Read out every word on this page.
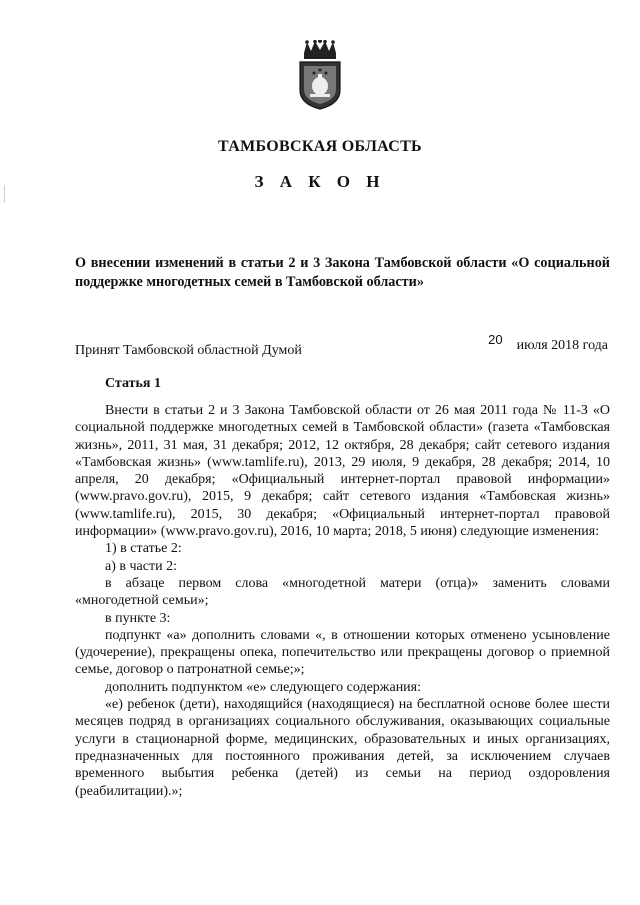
ТАМБОВСКАЯ ОБЛАСТЬ
З А К О Н
О внесении изменений в статьи 2 и 3 Закона Тамбовской области «О социальной поддержке многодетных семей в Тамбовской области»
Принят Тамбовской областной Думой
20 июля 2018 года
Статья 1

Внести в статьи 2 и 3 Закона Тамбовской области от 26 мая 2011 года № 11-З «О социальной поддержке многодетных семей в Тамбовской области» (газета «Тамбовская жизнь», 2011, 31 мая, 31 декабря; 2012, 12 октября, 28 декабря; сайт сетевого издания «Тамбовская жизнь» (www.tamlife.ru), 2013, 29 июля, 9 декабря, 28 декабря; 2014, 10 апреля, 20 декабря; «Официальный интернет-портал правовой информации» (www.pravo.gov.ru), 2015, 9 декабря; сайт сетевого издания «Тамбовская жизнь» (www.tamlife.ru), 2015, 30 декабря; «Официальный интернет-портал правовой информации» (www.pravo.gov.ru), 2016, 10 марта; 2018, 5 июня) следующие изменения:

1) в статье 2:

а) в части 2:

в абзаце первом слова «многодетной матери (отца)» заменить словами «многодетной семьи»;

в пункте 3:

подпункт «а» дополнить словами «, в отношении которых отменено усыновление (удочерение), прекращены опека, попечительство или прекращены договор о приемной семье, договор о патронатной семье;»;

дополнить подпунктом «е» следующего содержания:

«е) ребенок (дети), находящийся (находящиеся) на бесплатной основе более шести месяцев подряд в организациях социального обслуживания, оказывающих социальные услуги в стационарной форме, медицинских, образовательных и иных организациях, предназначенных для постоянного проживания детей, за исключением случаев временного выбытия ребенка (детей) из семьи на период оздоровления (реабилитации).»;
